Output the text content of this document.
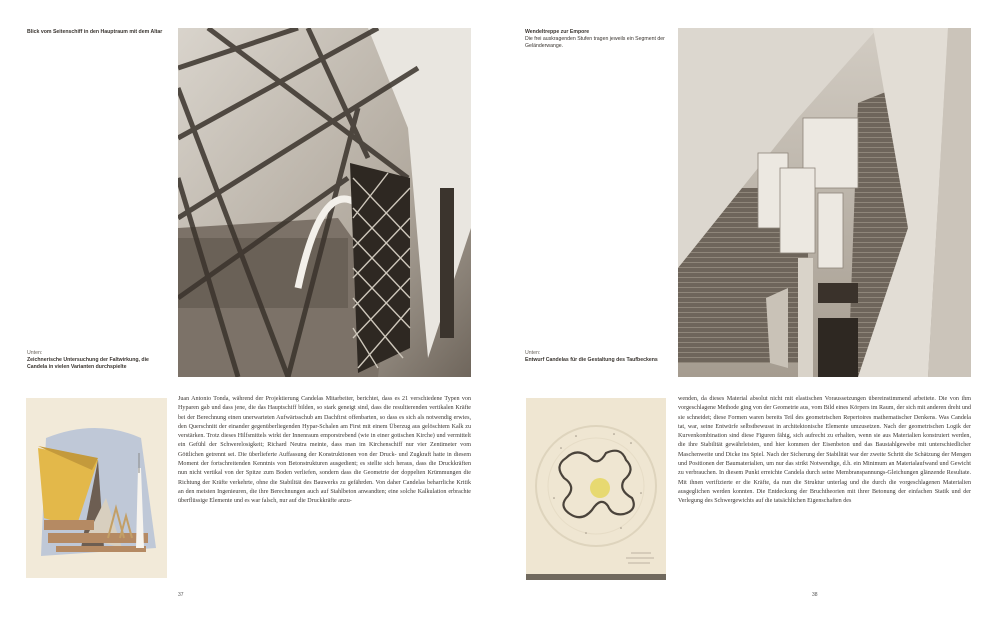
Blick vom Seitenschiff in den Hauptraum mit dem Altar
Unten:
Zeichnerische Untersuchung der Faltwirkung, die Candela in vielen Varianten durchspielte

Juan Antonio Tonda, während der Projektierung Candelas Mitarbeiter, berichtet, dass es 21 verschiedene Typen von Hyparen gab und dass jene, die das Hauptschiff bilden, so stark geneigt sind, dass die resultierenden vertikalen Kräfte bei der Berechnung einen unerwarteten Aufwärtsschub am Dachfirst offenbarten, so dass es sich als notwendig erwies, den Querschnitt der einander gegenüberliegenden Hypar-Schalen am First mit einem Überzug aus gelöschtem Kalk zu verstärken. Trotz dieses Hilfsmittels wirkt der Innenraum emporstrebend (wie in einer gotischen Kirche) und vermittelt ein Gefühl der Schwerelosigkeit; Richard Neutra meinte, dass man im Kirchenschiff nur vier Zentimeter vom Göttlichen getrennt sei. Die überlieferte Auffassung der Konstruktionen von der Druck- und Zugkraft hatte in diesem Moment der fortschreitenden Kenntnis von Betonstrukturen ausgedient; es stellte sich heraus, dass die Druckkräften nun nicht vertikal von der Spitze zum Boden verliefen, sondern dass die Geometrie der doppelten Krümmungen die Richtung der Kräfte verkehrte, ohne die Stabilität des Bauwerks zu gefährden. Von daher Candelas beharrliche Kritik an den meisten Ingenieuren, die ihre Berechnungen auch auf Stahlbeton anwandten; eine solche Kalkulation erbrachte überflüssige Elemente und es war falsch, nur auf die Druckkräfte anzu-

37
Wendeltreppe zur Empore
Die frei auskragenden Stufen tragen jeweils ein Segment der Geländerwange.
Unten:
Entwurf Candelas für die Gestaltung des Taufbeckens

wenden, da dieses Material absolut nicht mit elastischen Voraussetzungen übereinstimmend arbeitete. Die von ihm vorgeschlagene Methode ging von der Geometrie aus, vom Bild eines Körpers im Raum, der sich mit anderen dreht und sie schneidet; diese Formen waren bereits Teil des geometrischen Repertoires mathematischer Denkens. Was Candela tat, war, seine Entwürfe selbstbewusst in architektonische Elemente umzusetzen. Nach der geometrischen Logik der Kurvenkombination sind diese Figuren fähig, sich aufrecht zu erhalten, wenn sie aus Materialien konstruiert werden, die ihre Stabilität gewährleisten, und hier kommen der Eisenbeton und das Baustahlgewebe mit unterschiedlicher Maschenweite und Dicke ins Spiel. Nach der Sicherung der Stabilität war der zweite Schritt die Schätzung der Mengen und Positionen der Baumaterialien, um nur das strikt Notwendige, d.h. ein Minimum an Materialaufwand und Gewicht zu verbrauchen. In diesem Punkt erreichte Candela durch seine Membranspannungs-Gleichungen glänzende Resultate. Mit ihnen verifizierte er die Kräfte, da nun die Struktur unterlag und die durch die vorgeschlagenen Materialien ausgeglichen werden konnten. Die Entdeckung der Bruchtheorien mit ihrer Betonung der einfachen Statik und der Verlegung des Schwergewichts auf die tatsächlichen Eigenschaften des

38
